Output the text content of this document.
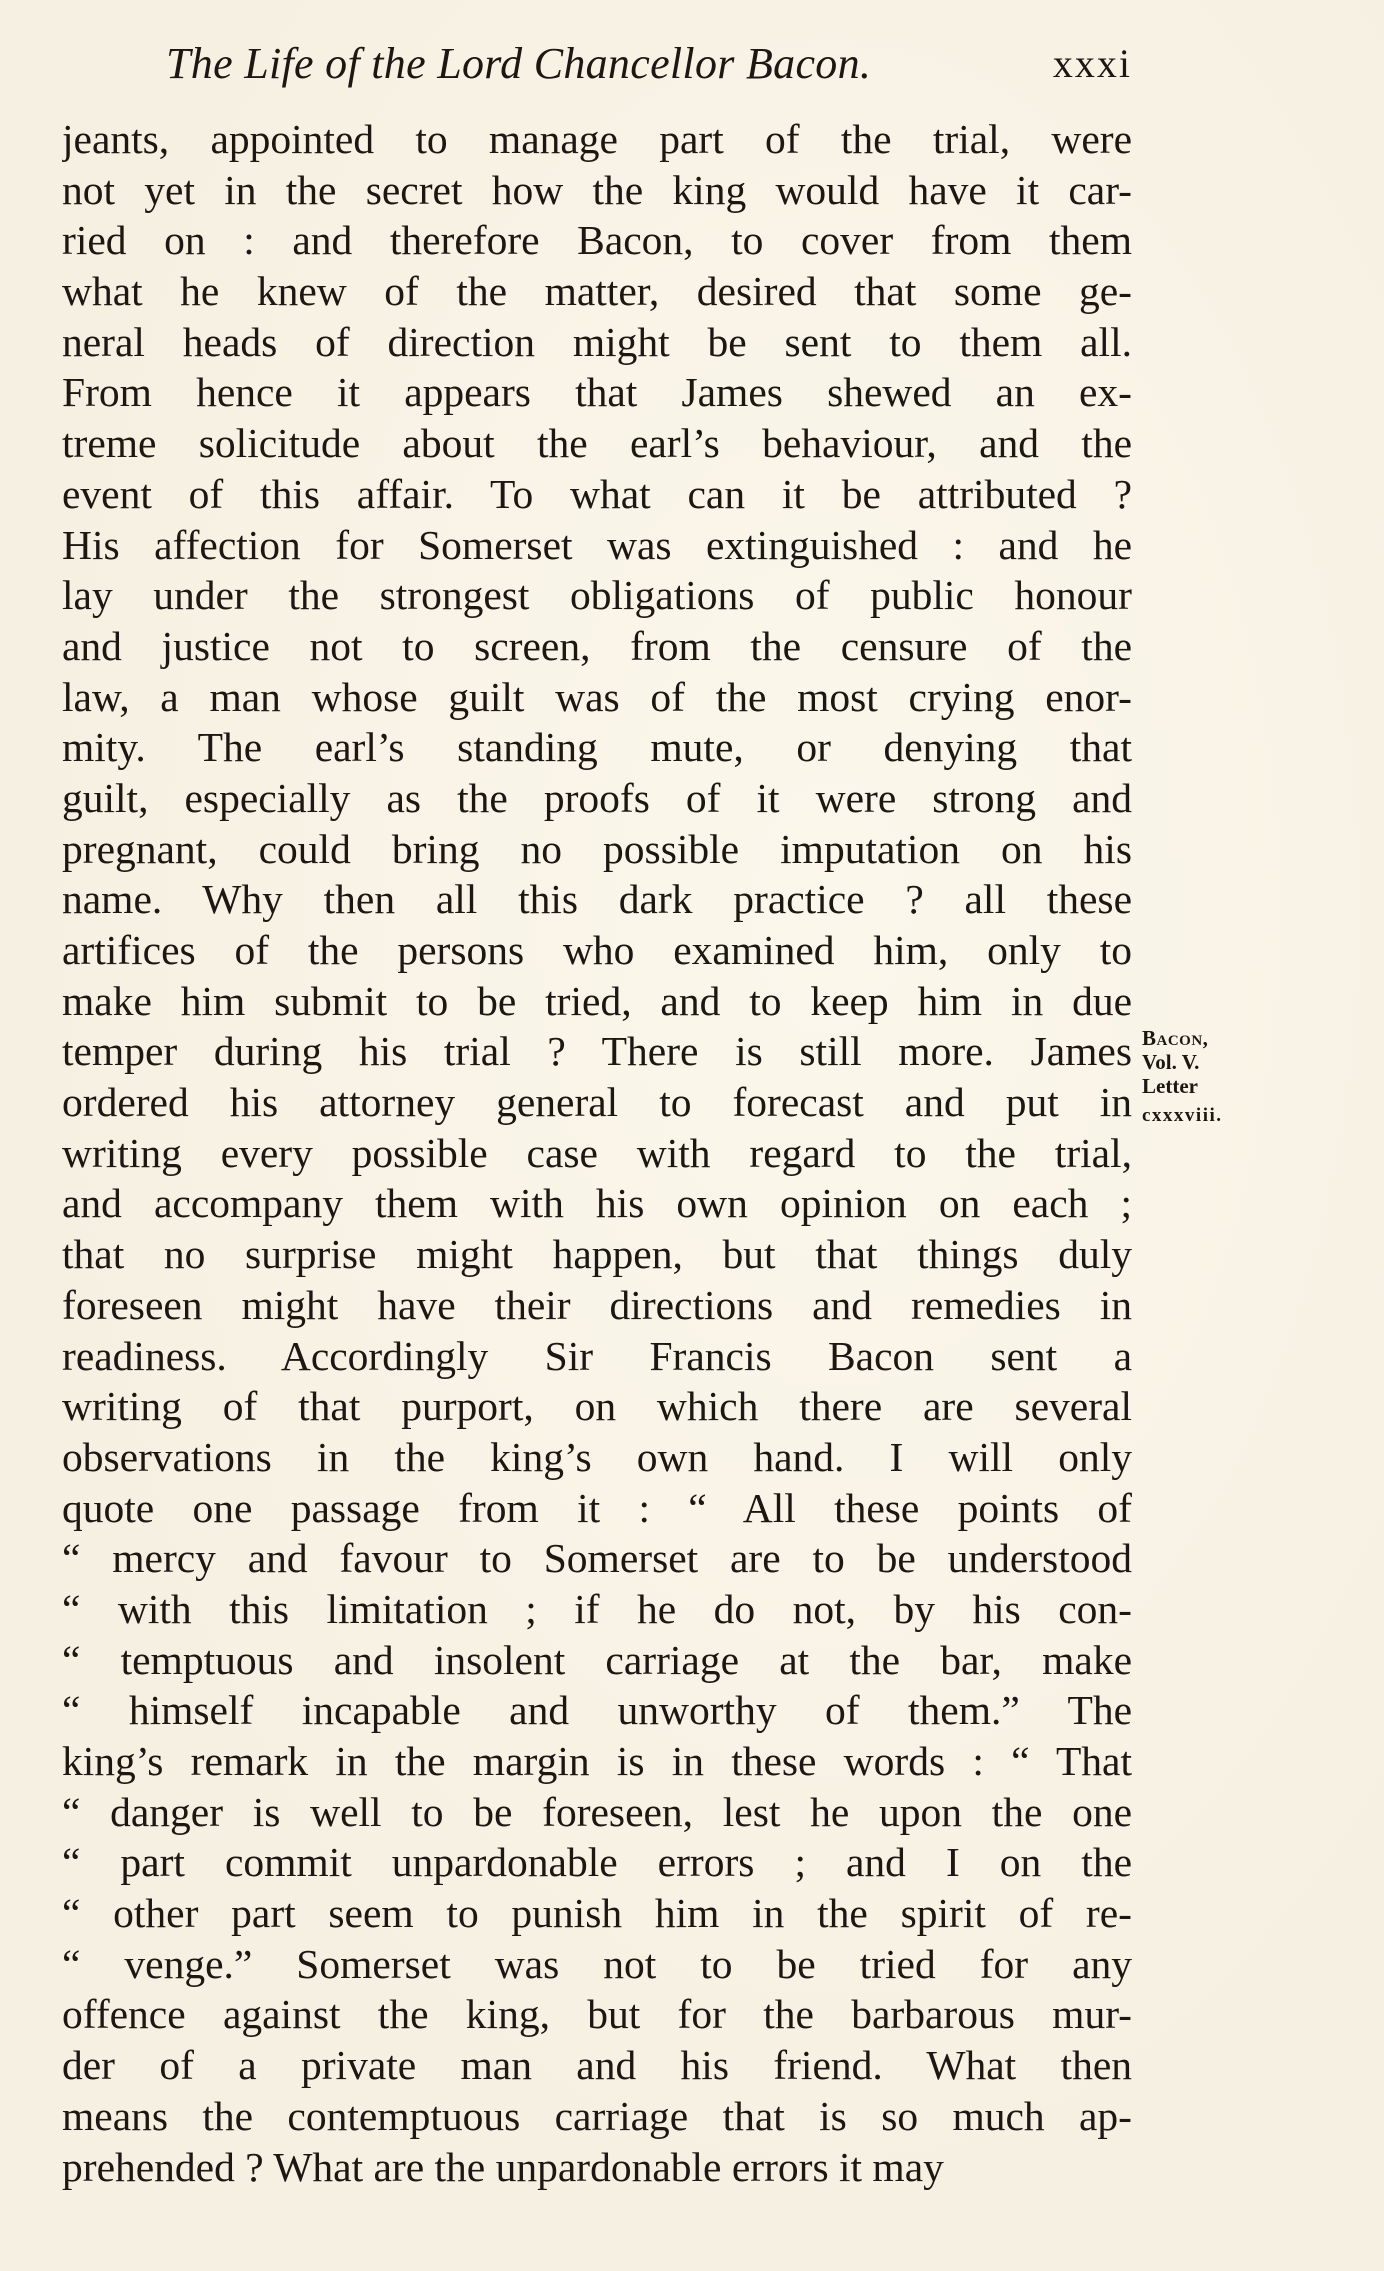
The Life of the Lord Chancellor Bacon.	xxxi
jeants, appointed to manage part of the trial, were
not yet in the secret how the king would have it car-
ried on : and therefore Bacon, to cover from them
what he knew of the matter, desired that some ge-
neral heads of direction might be sent to them all.
From hence it appears that James shewed an ex-
treme solicitude about the earl’s behaviour, and the
event of this affair. To what can it be attributed ?
His affection for Somerset was extinguished : and he
lay under the strongest obligations of public honour
and justice not to screen, from the censure of the
law, a man whose guilt was of the most crying enor-
mity. The earl’s standing mute, or denying that
guilt, especially as the proofs of it were strong and
pregnant, could bring no possible imputation on his
name. Why then all this dark practice ? all these
artifices of the persons who examined him, only to
make him submit to be tried, and to keep him in due
temper during his trial ? There is still more. James
ordered his attorney general to forecast and put in
writing every possible case with regard to the trial,
and accompany them with his own opinion on each ;
that no surprise might happen, but that things duly
foreseen might have their directions and remedies in
readiness. Accordingly Sir Francis Bacon sent a
writing of that purport, on which there are several
observations in the king’s own hand. I will only
quote one passage from it : “ All these points of
“ mercy and favour to Somerset are to be understood
“ with this limitation ; if he do not, by his con-
“ temptuous and insolent carriage at the bar, make
“ himself incapable and unworthy of them.” The
king’s remark in the margin is in these words : “ That
“ danger is well to be foreseen, lest he upon the one
“ part commit unpardonable errors ; and I on the
“ other part seem to punish him in the spirit of re-
“ venge.” Somerset was not to be tried for any
offence against the king, but for the barbarous mur-
der of a private man and his friend. What then
means the contemptuous carriage that is so much ap-
prehended ? What are the unpardonable errors it may
Bacon,
Vol. V.
Letter
cxxxviii.
